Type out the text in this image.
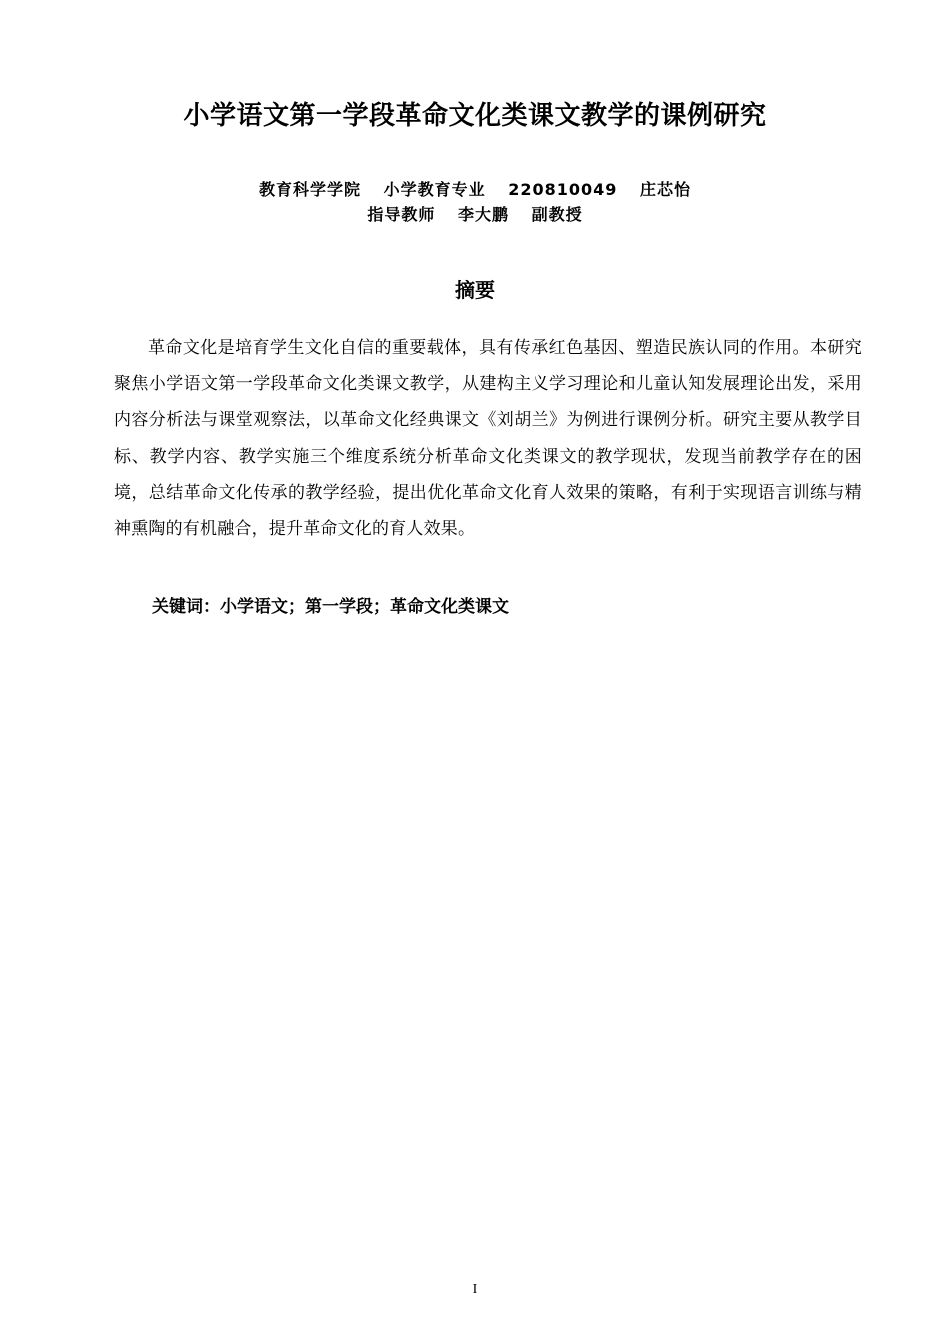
小学语文第一学段革命文化类课文教学的课例研究
教育科学学院 小学教育专业 220810049 庄芯怡
指导教师 李大鹏 副教授
摘要
革命文化是培育学生文化自信的重要载体，具有传承红色基因、塑造民族认同的作用。本研究聚焦小学语文第一学段革命文化类课文教学，从建构主义学习理论和儿童认知发展理论出发，采用内容分析法与课堂观察法，以革命文化经典课文《刘胡兰》为例进行课例分析。研究主要从教学目标、教学内容、教学实施三个维度系统分析革命文化类课文的教学现状，发现当前教学存在的困境，总结革命文化传承的教学经验，提出优化革命文化育人效果的策略，有利于实现语言训练与精神熏陶的有机融合，提升革命文化的育人效果。
关键词：小学语文；第一学段；革命文化类课文
I
